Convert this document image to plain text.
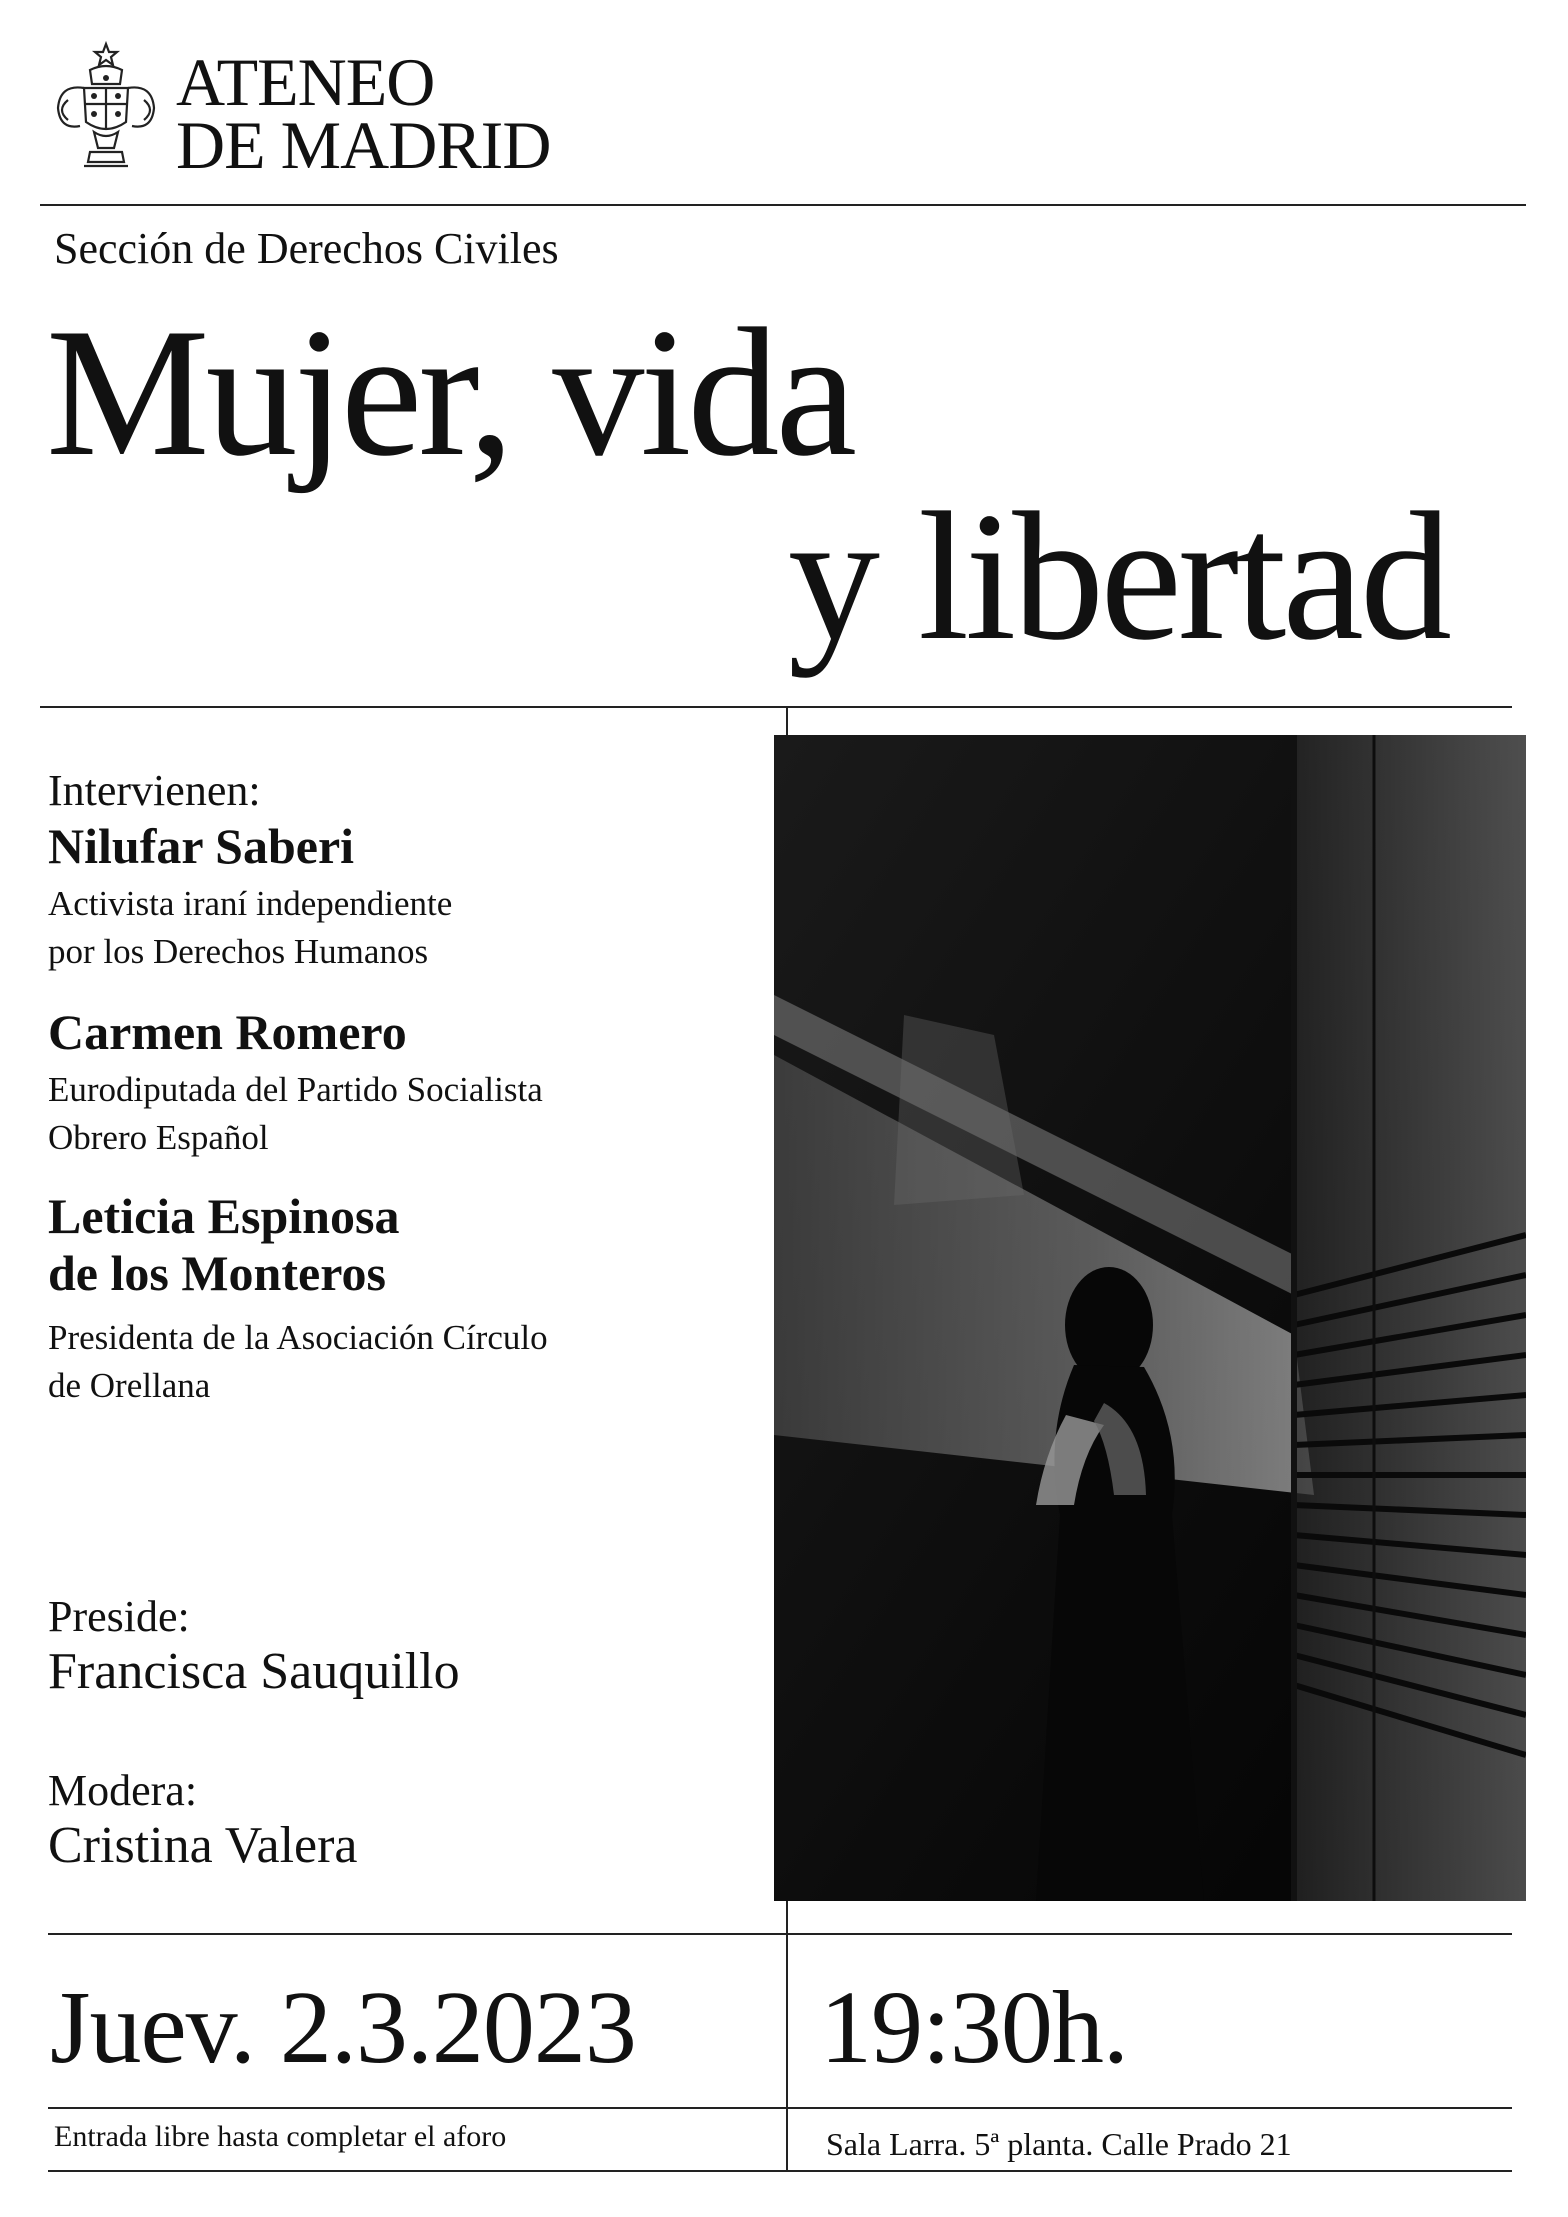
ATENEO
DE MADRID
Sección de Derechos Civiles
Mujer, vida
y libertad
Intervienen:
Nilufar Saberi
Activista iraní independiente
por los Derechos Humanos
Carmen Romero
Eurodiputada del Partido Socialista
Obrero Español
Leticia Espinosa
de los Monteros
Presidenta de la Asociación Círculo
de Orellana
Preside:
Francisca Sauquillo
Modera:
Cristina Valera
Juev. 2.3.2023 19:30h.
Entrada libre hasta completar el aforo	Sala Larra. 5ª planta. Calle Prado 21
